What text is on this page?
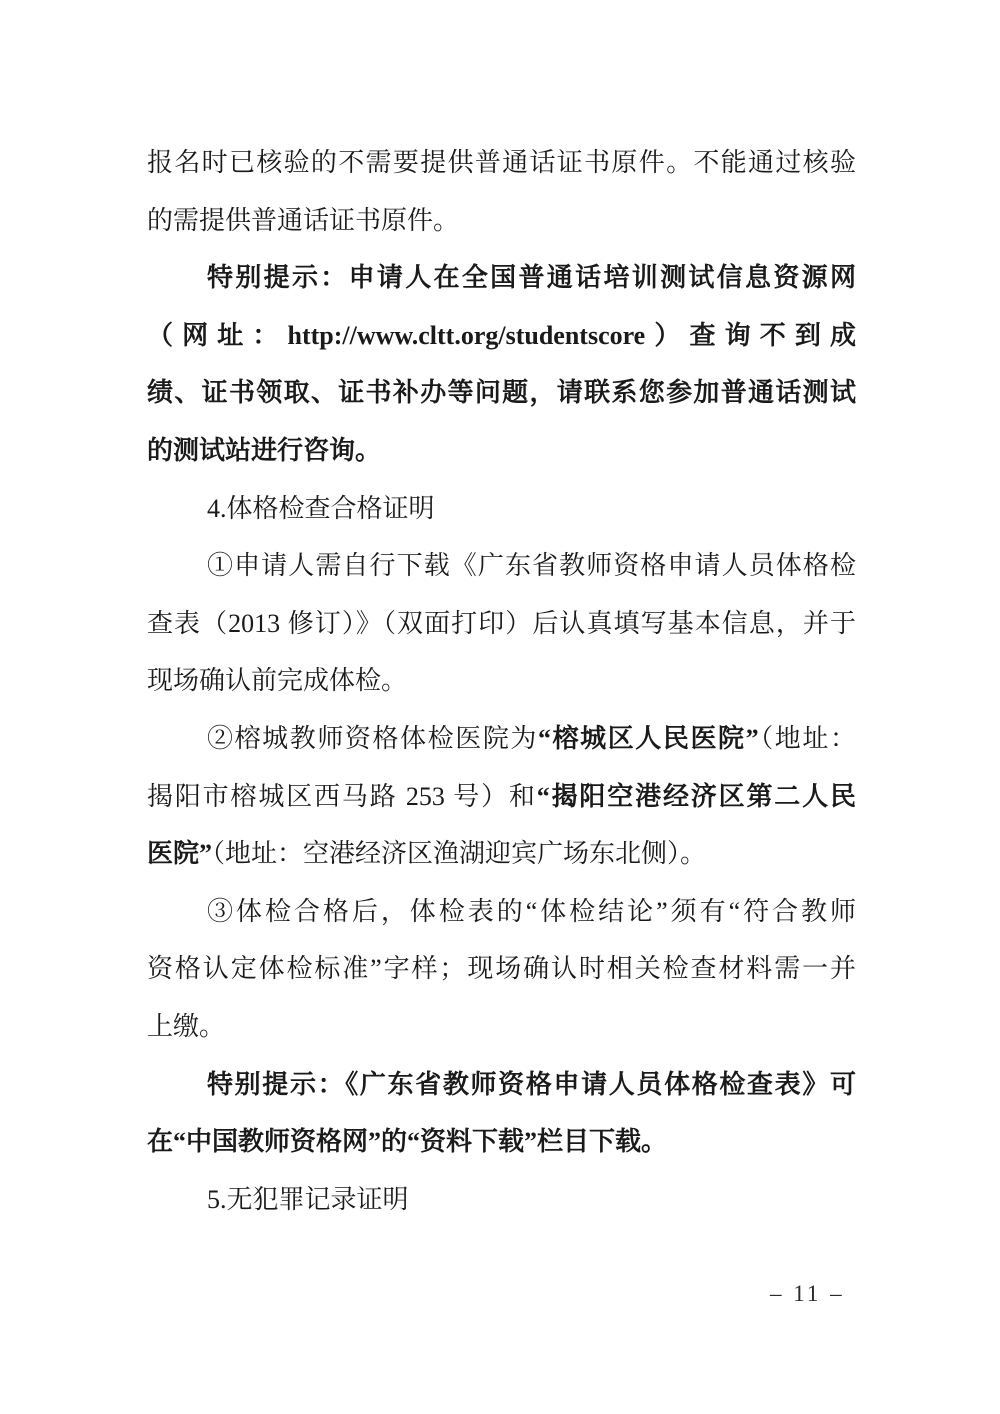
报名时已核验的不需要提供普通话证书原件。不能通过核验
的需提供普通话证书原件。
特别提示：申请人在全国普通话培训测试信息资源网
（网址：http://www.cltt.org/studentscore）查询不到成
绩、证书领取、证书补办等问题，请联系您参加普通话测试
的测试站进行咨询。
4.体格检查合格证明
①申请人需自行下载《广东省教师资格申请人员体格检
查表（2013 修订）》（双面打印）后认真填写基本信息，并于
现场确认前完成体检。
②榕城教师资格体检医院为“榕城区人民医院”（地址：
揭阳市榕城区西马路 253 号）和“揭阳空港经济区第二人民
医院”（地址：空港经济区渔湖迎宾广场东北侧）。
③体检合格后，体检表的“体检结论”须有“符合教师
资格认定体检标准”字样；现场确认时相关检查材料需一并
上缴。
特别提示：《广东省教师资格申请人员体格检查表》可
在“中国教师资格网”的“资料下载”栏目下载。
5.无犯罪记录证明
– 11 –
